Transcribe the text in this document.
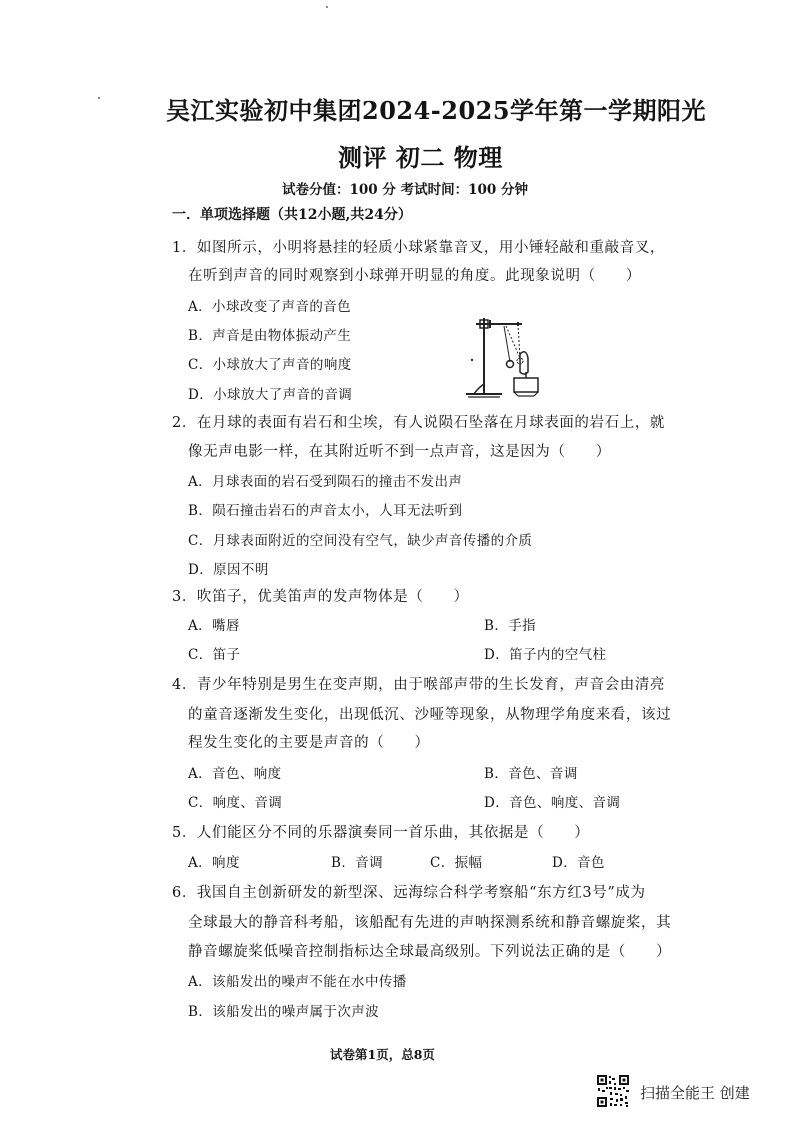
吴江实验初中集团2024-2025学年第一学期阳光
测评 初二 物理
试卷分值：100 分 考试时间：100 分钟
一．单项选择题（共12小题,共24分）
1．如图所示，小明将悬挂的轻质小球紧靠音叉，用小锤轻敲和重敲音叉，
在听到声音的同时观察到小球弹开明显的角度。此现象说明（　　）
A．小球改变了声音的音色
B．声音是由物体振动产生
C．小球放大了声音的响度
D．小球放大了声音的音调
2．在月球的表面有岩石和尘埃，有人说陨石坠落在月球表面的岩石上，就
像无声电影一样，在其附近听不到一点声音，这是因为（　　）
A．月球表面的岩石受到陨石的撞击不发出声
B．陨石撞击岩石的声音太小，人耳无法听到
C．月球表面附近的空间没有空气，缺少声音传播的介质
D．原因不明
3．吹笛子，优美笛声的发声物体是（　　）
A．嘴唇	B．手指
C．笛子	D．笛子内的空气柱
4．青少年特别是男生在变声期，由于喉部声带的生长发育，声音会由清亮
的童音逐渐发生变化，出现低沉、沙哑等现象，从物理学角度来看，该过
程发生变化的主要是声音的（　　）
A．音色、响度	B．音色、音调
C．响度、音调	D．音色、响度、音调
5．人们能区分不同的乐器演奏同一首乐曲，其依据是（　　）
A．响度	B．音调	C．振幅	D．音色
6．我国自主创新研发的新型深、远海综合科学考察船“东方红3号”成为
全球最大的静音科考船，该船配有先进的声呐探测系统和静音螺旋桨，其
静音螺旋桨低噪音控制指标达全球最高级别。下列说法正确的是（　　）
A．该船发出的噪声不能在水中传播
B．该船发出的噪声属于次声波
试卷第1页，总8页
扫描全能王 创建
